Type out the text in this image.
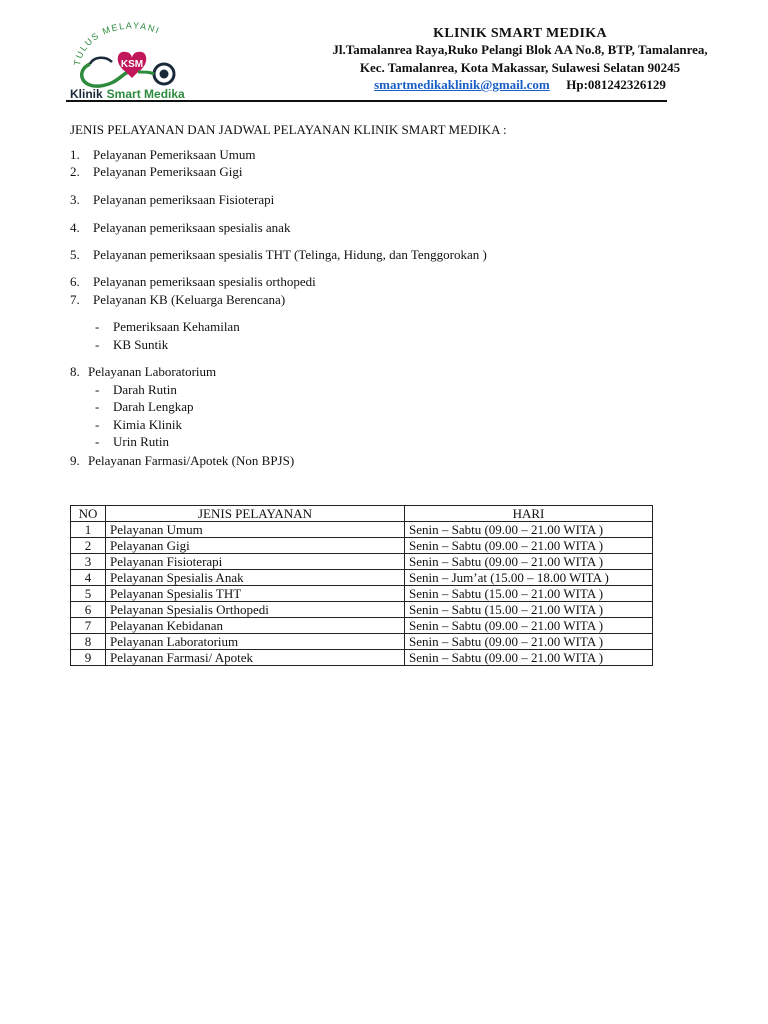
TULUS MELAYANI
KSM
Klinik Smart Medika
KLINIK SMART MEDIKA
Jl.Tamalanrea Raya,Ruko Pelangi Blok AA No.8, BTP, Tamalanrea,
Kec. Tamalanrea, Kota Makassar, Sulawesi Selatan 90245
smartmedikaklinik@gmail.com Hp:081242326129
JENIS PELAYANAN DAN JADWAL PELAYANAN KLINIK SMART MEDIKA :
1. Pelayanan Pemeriksaan Umum
2. Pelayanan Pemeriksaan Gigi
3. Pelayanan pemeriksaan Fisioterapi
4. Pelayanan pemeriksaan spesialis anak
5. Pelayanan pemeriksaan spesialis THT (Telinga, Hidung, dan Tenggorokan )
6. Pelayanan pemeriksaan spesialis orthopedi
7. Pelayanan KB (Keluarga Berencana)
- Pemeriksaan Kehamilan
- KB Suntik
8. Pelayanan Laboratorium
- Darah Rutin
- Darah Lengkap
- Kimia Klinik
- Urin Rutin
9. Pelayanan Farmasi/Apotek (Non BPJS)
NO	JENIS PELAYANAN	HARI
1	Pelayanan Umum	Senin – Sabtu (09.00 – 21.00 WITA )
2	Pelayanan Gigi	Senin – Sabtu (09.00 – 21.00 WITA )
3	Pelayanan Fisioterapi	Senin – Sabtu (09.00 – 21.00 WITA )
4	Pelayanan Spesialis Anak	Senin – Jum’at (15.00 – 18.00 WITA )
5	Pelayanan Spesialis THT	Senin – Sabtu (15.00 – 21.00 WITA )
6	Pelayanan Spesialis Orthopedi	Senin – Sabtu (15.00 – 21.00 WITA )
7	Pelayanan Kebidanan	Senin – Sabtu (09.00 – 21.00 WITA )
8	Pelayanan Laboratorium	Senin – Sabtu (09.00 – 21.00 WITA )
9	Pelayanan Farmasi/ Apotek	Senin – Sabtu (09.00 – 21.00 WITA )
